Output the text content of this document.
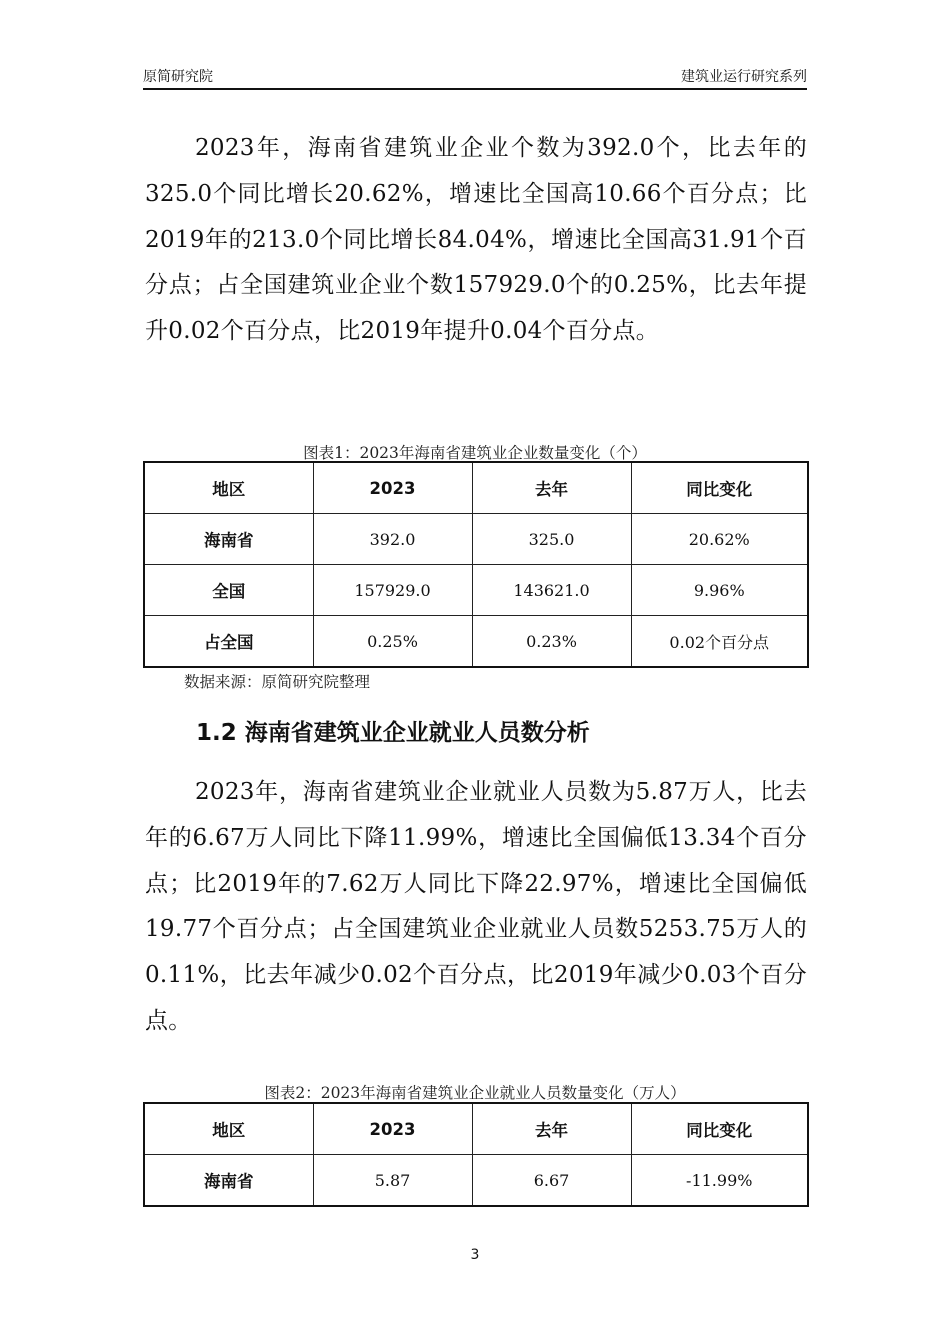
原简研究院	建筑业运行研究系列

2023年，海南省建筑业企业个数为392.0个，比去年的325.0个同比增长20.62%，增速比全国高10.66个百分点；比2019年的213.0个同比增长84.04%，增速比全国高31.91个百分点；占全国建筑业企业个数157929.0个的0.25%，比去年提升0.02个百分点，比2019年提升0.04个百分点。

图表1：2023年海南省建筑业企业数量变化（个）
地区	2023	去年	同比变化
海南省	392.0	325.0	20.62%
全国	157929.0	143621.0	9.96%
占全国	0.25%	0.23%	0.02个百分点
数据来源：原简研究院整理
1.2 海南省建筑业企业就业人员数分析

2023年，海南省建筑业企业就业人员数为5.87万人，比去年的6.67万人同比下降11.99%，增速比全国偏低13.34个百分点；比2019年的7.62万人同比下降22.97%，增速比全国偏低19.77个百分点；占全国建筑业企业就业人员数5253.75万人的0.11%，比去年减少0.02个百分点，比2019年减少0.03个百分点。

图表2：2023年海南省建筑业企业就业人员数量变化（万人）
地区	2023	去年	同比变化
海南省	5.87	6.67	-11.99%
3
